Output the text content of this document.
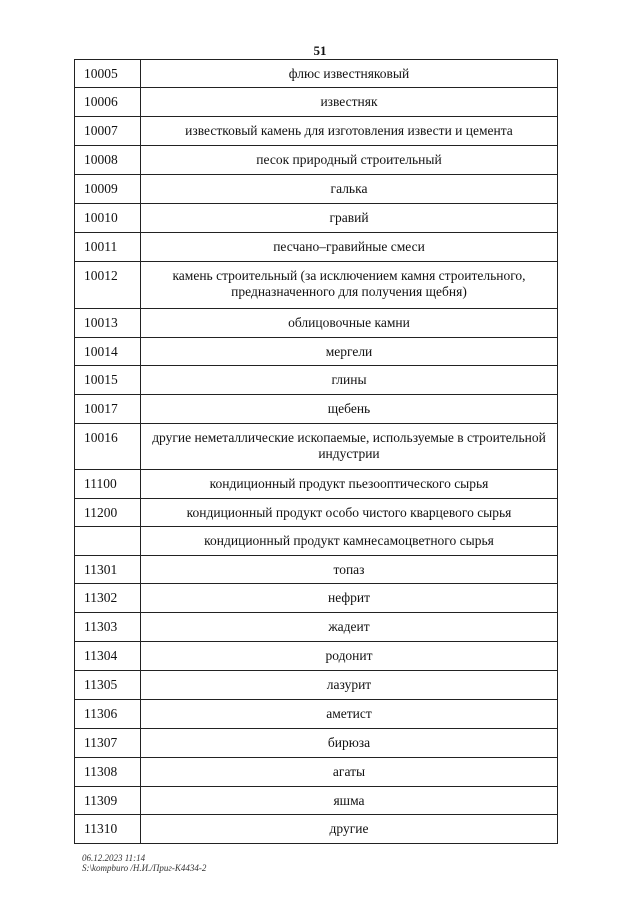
51
10005	флюс известняковый
10006	известняк
10007	известковый камень для изготовления извести и цемента
10008	песок природный строительный
10009	галька
10010	гравий
10011	песчано–гравийные смеси
10012	камень строительный (за исключением камня строительного, предназначенного для получения щебня)
10013	облицовочные камни
10014	мергели
10015	глины
10017	щебень
10016	другие неметаллические ископаемые, используемые в строительной индустрии
11100	кондиционный продукт пьезооптического сырья
11200	кондиционный продукт особо чистого кварцевого сырья
	кондиционный продукт камнесамоцветного сырья
11301	топаз
11302	нефрит
11303	жадеит
11304	родонит
11305	лазурит
11306	аметист
11307	бирюза
11308	агаты
11309	яшма
11310	другие
06.12.2023 11:14
S:\kompburo /Н.И./Приг-К4434-2
